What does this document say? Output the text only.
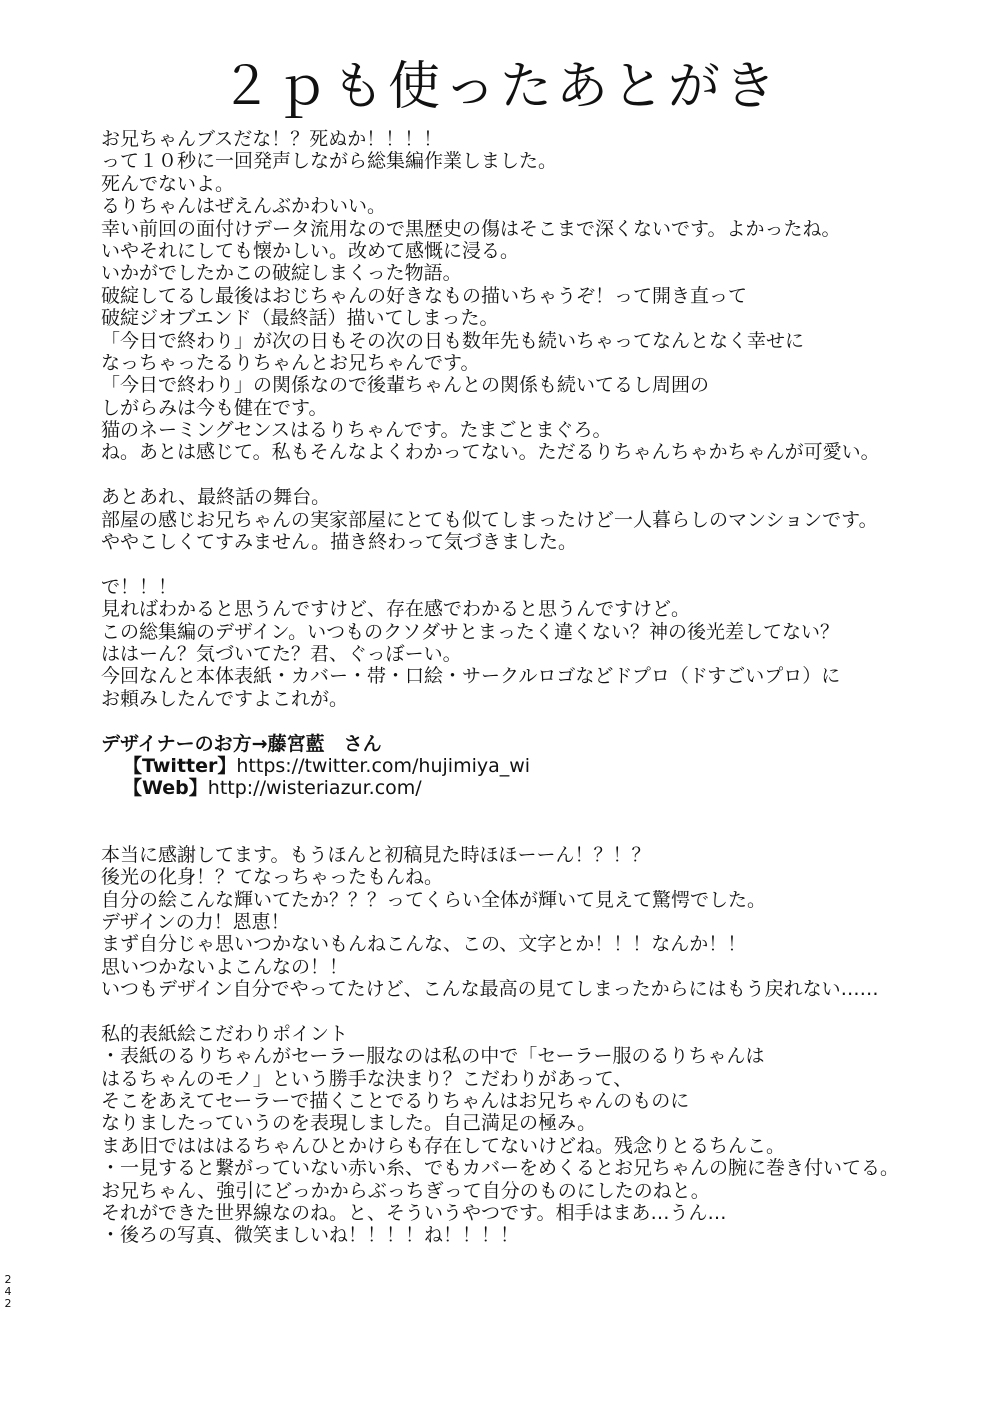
２ｐも使ったあとがき
お兄ちゃんブスだな！？死ぬか！！！！
って１０秒に一回発声しながら総集編作業しました。
死んでないよ。
るりちゃんはぜえんぶかわいい。
幸い前回の面付けデータ流用なので黒歴史の傷はそこまで深くないです。よかったね。
いやそれにしても懐かしい。改めて感慨に浸る。
いかがでしたかこの破綻しまくった物語。
破綻してるし最後はおじちゃんの好きなもの描いちゃうぞ！って開き直って
破綻ジオブエンド（最終話）描いてしまった。
「今日で終わり」が次の日もその次の日も数年先も続いちゃってなんとなく幸せに
なっちゃったるりちゃんとお兄ちゃんです。
「今日で終わり」の関係なので後輩ちゃんとの関係も続いてるし周囲の
しがらみは今も健在です。
猫のネーミングセンスはるりちゃんです。たまごとまぐろ。
ね。あとは感じて。私もそんなよくわかってない。ただるりちゃんちゃかちゃんが可愛い。
あとあれ、最終話の舞台。
部屋の感じお兄ちゃんの実家部屋にとても似てしまったけど一人暮らしのマンションです。
ややこしくてすみません。描き終わって気づきました。
で！！！
見ればわかると思うんですけど、存在感でわかると思うんですけど。
この総集編のデザイン。いつものクソダサとまったく違くない？神の後光差してない？
ははーん？気づいてた？君、ぐっぼーい。
今回なんと本体表紙・カバー・帯・口絵・サークルロゴなどドプロ（ドすごいプロ）に
お頼みしたんですよこれが。
デザイナーのお方→藤宮藍　さん
【Twitter】https://twitter.com/hujimiya_wi
【Web】http://wisteriazur.com/
本当に感謝してます。もうほんと初稿見た時ほほーーん！？！？
後光の化身！？てなっちゃったもんね。
自分の絵こんな輝いてたか？？？ってくらい全体が輝いて見えて驚愕でした。
デザインの力！恩恵！
まず自分じゃ思いつかないもんねこんな、この、文字とか！！！なんか！！
思いつかないよこんなの！！
いつもデザイン自分でやってたけど、こんな最高の見てしまったからにはもう戻れない……
私的表紙絵こだわりポイント
・表紙のるりちゃんがセーラー服なのは私の中で「セーラー服のるりちゃんは
はるちゃんのモノ」という勝手な決まり？こだわりがあって、
そこをあえてセーラーで描くことでるりちゃんはお兄ちゃんのものに
なりましたっていうのを表現しました。自己満足の極み。
まあ旧ではははるちゃんひとかけらも存在してないけどね。残念りとるちんこ。
・一見すると繋がっていない赤い糸、でもカバーをめくるとお兄ちゃんの腕に巻き付いてる。
お兄ちゃん、強引にどっかからぶっちぎって自分のものにしたのねと。
それができた世界線なのね。と、そういうやつです。相手はまあ…うん…
・後ろの写真、微笑ましいね！！！！ね！！！！
2
4
2
